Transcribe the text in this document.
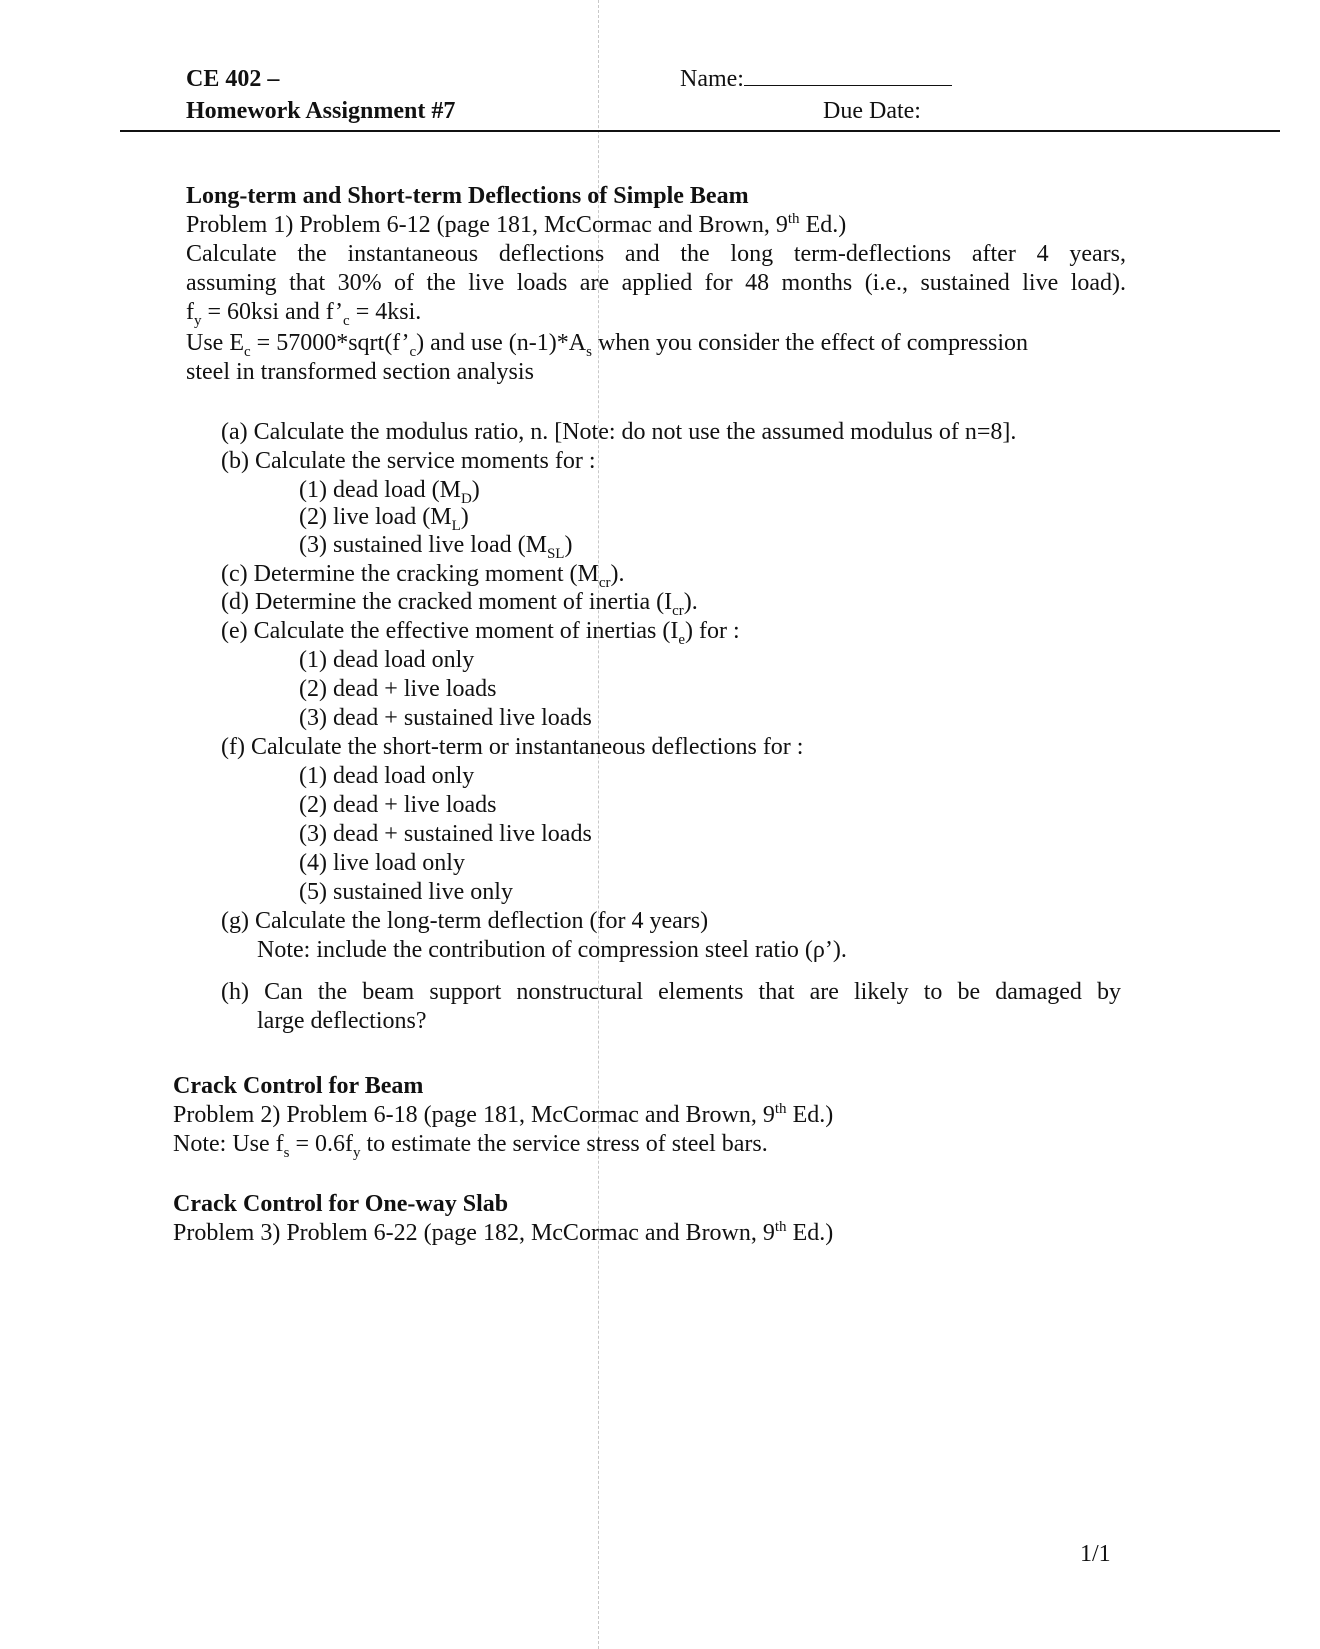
CE 402 –
Homework Assignment #7
Name:
Due Date:
Long-term and Short-term Deflections of Simple Beam
Problem 1) Problem 6-12 (page 181, McCormac and Brown, 9th Ed.)
Calculate the instantaneous deflections and the long term-deflections after 4 years,
assuming that 30% of the live loads are applied for 48 months (i.e., sustained live load).
$f_y = 60ksi$ and $f’_c = 4ksi$.
Use $E_c$ = $57000*sqrt(f’_c)$ and use $(n-1)*A_s$ when you consider the effect of compression
steel in transformed section analysis
(a) Calculate the modulus ratio, n. [Note: do not use the assumed modulus of n=8].
(b) Calculate the service moments for :
(1) dead load $(M_D)$
(2) live load $(M_L)$
(3) sustained live load $(M_{SL})$
(c) Determine the cracking moment $(M_{cr})$.
(d) Determine the cracked moment of inertia $(I_{cr})$.
(e) Calculate the effective moment of inertias $(I_e)$ for :
(1) dead load only
(2) dead + live loads
(3) dead + sustained live loads
(f) Calculate the short-term or instantaneous deflections for :
(1) dead load only
(2) dead + live loads
(3) dead + sustained live loads
(4) live load only
(5) sustained live only
(g) Calculate the long-term deflection (for 4 years)
Note: include the contribution of compression steel ratio (ρ’).
(h) Can the beam support nonstructural elements that are likely to be damaged by
large deflections?
Crack Control for Beam
Problem 2) Problem 6-18 (page 181, McCormac and Brown, 9th Ed.)
Note: Use $f_s = 0.6f_y$ to estimate the service stress of steel bars.
Crack Control for One-way Slab
Problem 3) Problem 6-22 (page 182, McCormac and Brown, 9th Ed.)
1/1
